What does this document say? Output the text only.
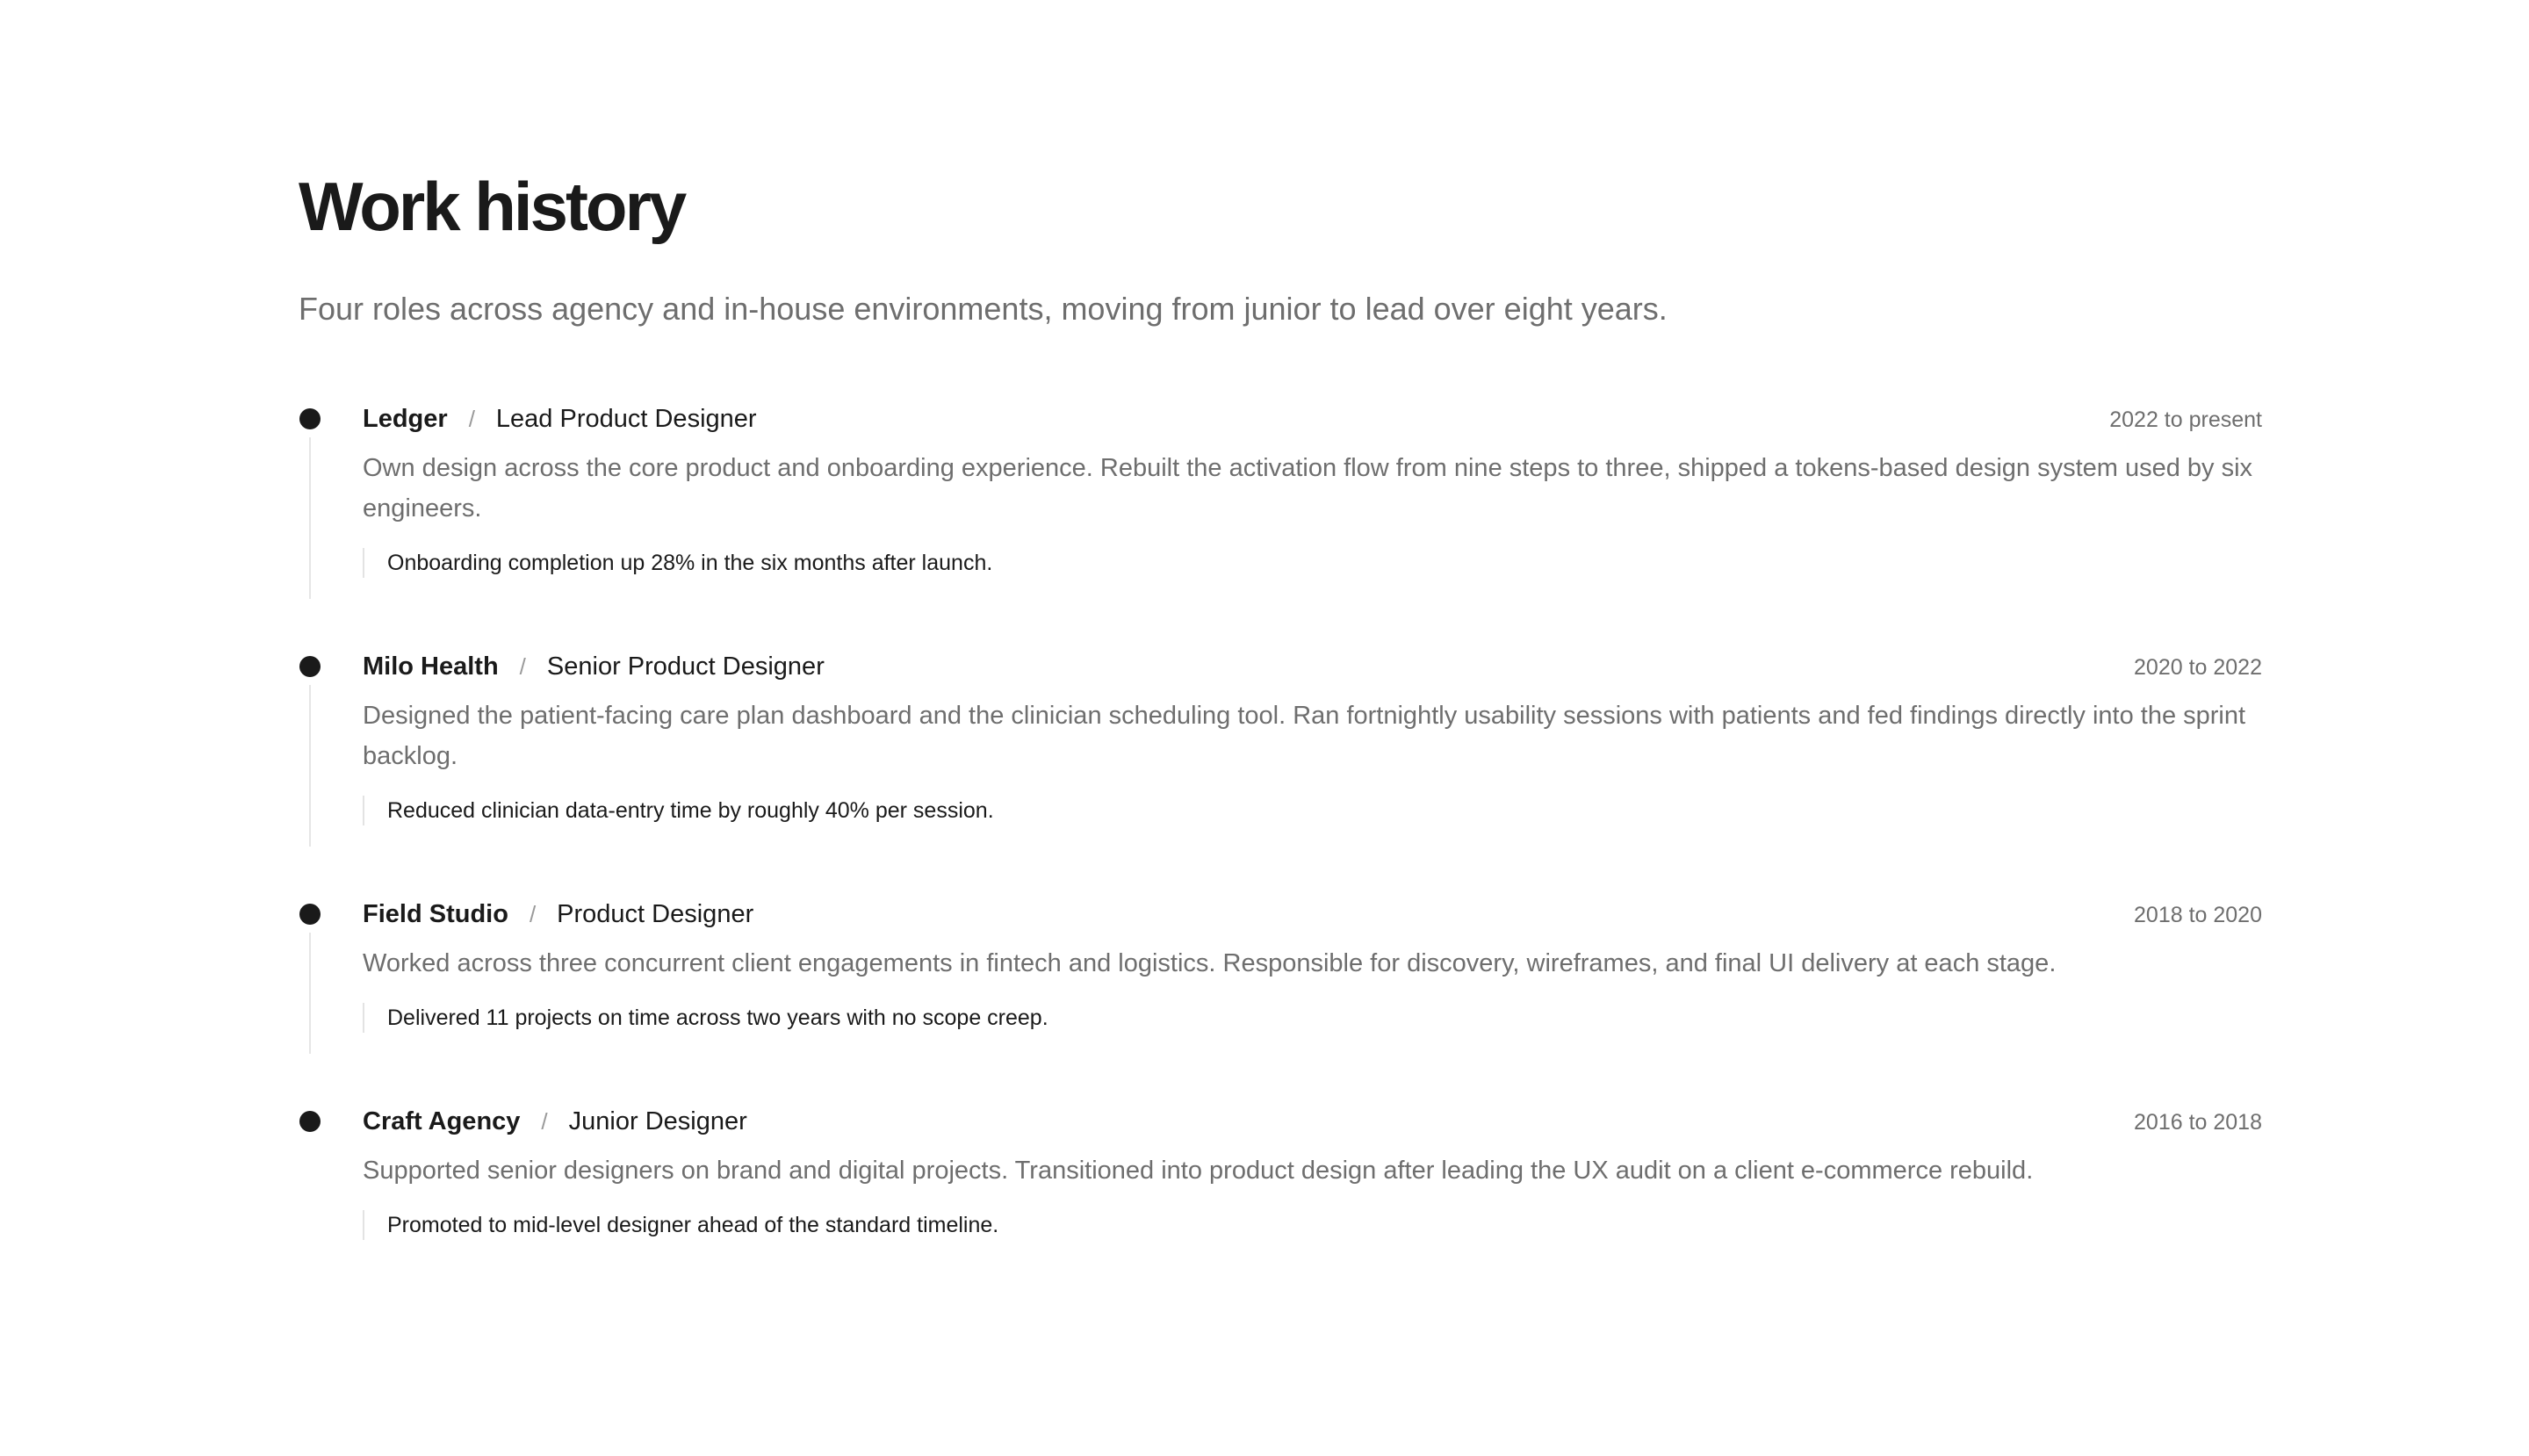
Work history

Four roles across agency and in-house environments, moving from junior to lead over eight years.

Ledger / Lead Product Designer	2022 to present

Own design across the core product and onboarding experience. Rebuilt the activation flow from nine steps to three, shipped a tokens-based design system used by six engineers.

Onboarding completion up 28% in the six months after launch.
Milo Health / Senior Product Designer	2020 to 2022

Designed the patient-facing care plan dashboard and the clinician scheduling tool. Ran fortnightly usability sessions with patients and fed findings directly into the sprint backlog.

Reduced clinician data-entry time by roughly 40% per session.
Field Studio / Product Designer	2018 to 2020

Worked across three concurrent client engagements in fintech and logistics. Responsible for discovery, wireframes, and final UI delivery at each stage.

Delivered 11 projects on time across two years with no scope creep.
Craft Agency / Junior Designer	2016 to 2018

Supported senior designers on brand and digital projects. Transitioned into product design after leading the UX audit on a client e-commerce rebuild.

Promoted to mid-level designer ahead of the standard timeline.
